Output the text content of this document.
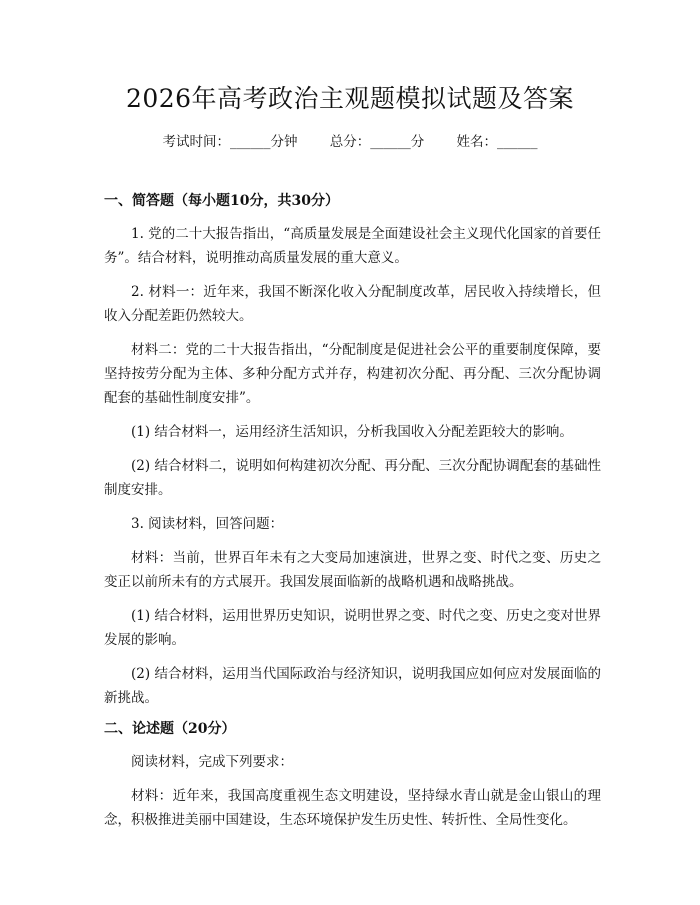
2026年高考政治主观题模拟试题及答案
考试时间：______分钟 总分：______分 姓名：______
一、简答题（每小题10分，共30分）
1. 党的二十大报告指出，“高质量发展是全面建设社会主义现代化国家的首要任务”。结合材料，说明推动高质量发展的重大意义。
2. 材料一：近年来，我国不断深化收入分配制度改革，居民收入持续增长，但收入分配差距仍然较大。
材料二：党的二十大报告指出，“分配制度是促进社会公平的重要制度保障，要坚持按劳分配为主体、多种分配方式并存，构建初次分配、再分配、三次分配协调配套的基础性制度安排”。
(1) 结合材料一，运用经济生活知识，分析我国收入分配差距较大的影响。
(2) 结合材料二，说明如何构建初次分配、再分配、三次分配协调配套的基础性制度安排。
3. 阅读材料，回答问题：
材料：当前，世界百年未有之大变局加速演进，世界之变、时代之变、历史之变正以前所未有的方式展开。我国发展面临新的战略机遇和战略挑战。
(1) 结合材料，运用世界历史知识，说明世界之变、时代之变、历史之变对世界发展的影响。
(2) 结合材料，运用当代国际政治与经济知识，说明我国应如何应对发展面临的新挑战。
二、论述题（20分）
阅读材料，完成下列要求：
材料：近年来，我国高度重视生态文明建设，坚持绿水青山就是金山银山的理念，积极推进美丽中国建设，生态环境保护发生历史性、转折性、全局性变化。
